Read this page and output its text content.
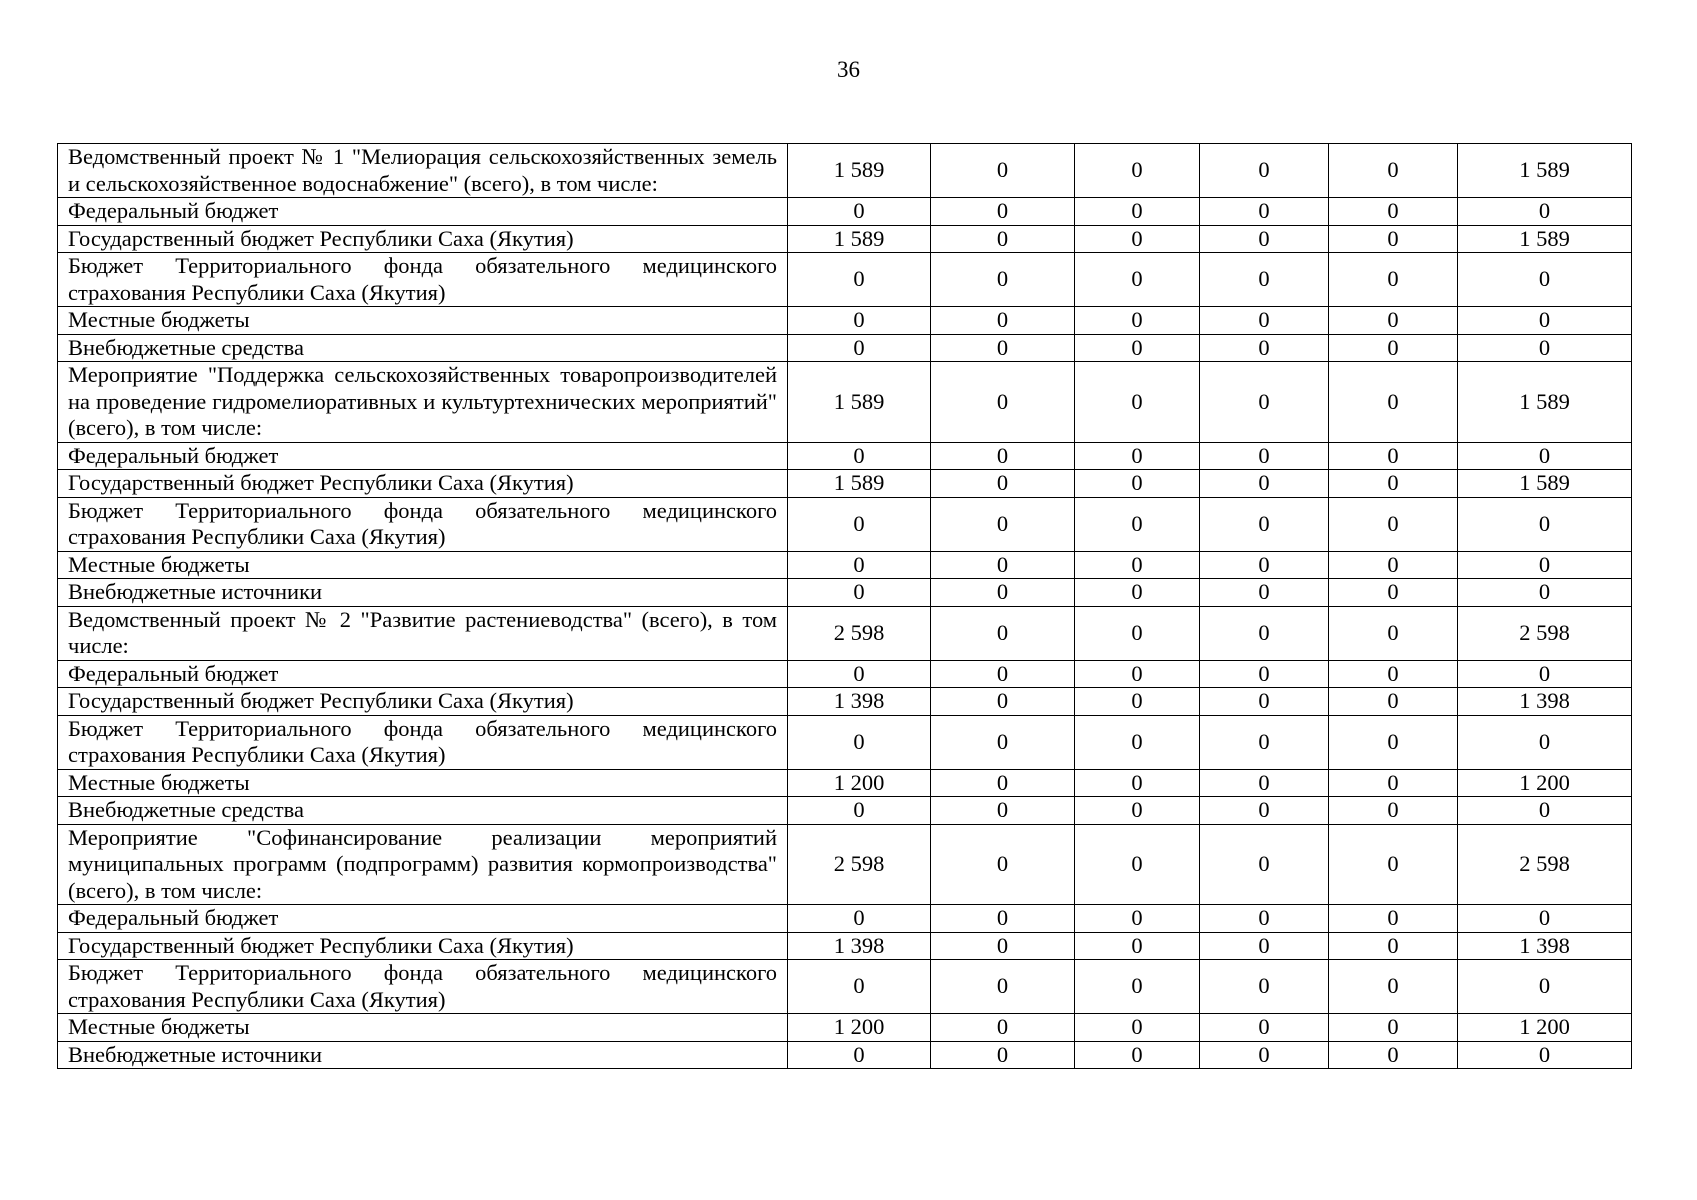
36
Ведомственный проект № 1 "Мелиорация сельскохозяйственных земель и сельскохозяйственное водоснабжение" (всего), в том числе:	1 589	0	0	0	0	1 589
Федеральный бюджет	0	0	0	0	0	0
Государственный бюджет Республики Саха (Якутия)	1 589	0	0	0	0	1 589
Бюджет Территориального фонда обязательного медицинского страхования Республики Саха (Якутия)	0	0	0	0	0	0
Местные бюджеты	0	0	0	0	0	0
Внебюджетные средства	0	0	0	0	0	0
Мероприятие "Поддержка сельскохозяйственных товаропроизводителей на проведение гидромелиоративных и культуртехнических мероприятий" (всего), в том числе:	1 589	0	0	0	0	1 589
Федеральный бюджет	0	0	0	0	0	0
Государственный бюджет Республики Саха (Якутия)	1 589	0	0	0	0	1 589
Бюджет Территориального фонда обязательного медицинского страхования Республики Саха (Якутия)	0	0	0	0	0	0
Местные бюджеты	0	0	0	0	0	0
Внебюджетные источники	0	0	0	0	0	0
Ведомственный проект № 2 "Развитие растениеводства" (всего), в том числе:	2 598	0	0	0	0	2 598
Федеральный бюджет	0	0	0	0	0	0
Государственный бюджет Республики Саха (Якутия)	1 398	0	0	0	0	1 398
Бюджет Территориального фонда обязательного медицинского страхования Республики Саха (Якутия)	0	0	0	0	0	0
Местные бюджеты	1 200	0	0	0	0	1 200
Внебюджетные средства	0	0	0	0	0	0
Мероприятие "Софинансирование реализации мероприятий муниципальных программ (подпрограмм) развития кормопроизводства" (всего), в том числе:	2 598	0	0	0	0	2 598
Федеральный бюджет	0	0	0	0	0	0
Государственный бюджет Республики Саха (Якутия)	1 398	0	0	0	0	1 398
Бюджет Территориального фонда обязательного медицинского страхования Республики Саха (Якутия)	0	0	0	0	0	0
Местные бюджеты	1 200	0	0	0	0	1 200
Внебюджетные источники	0	0	0	0	0	0
